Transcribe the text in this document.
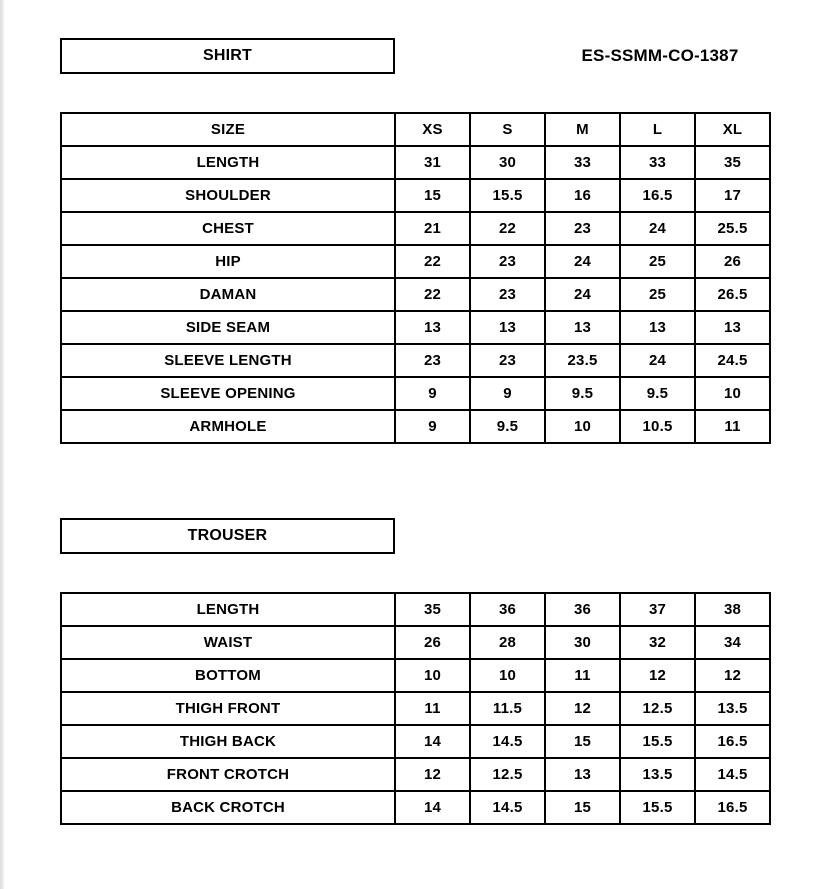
SHIRT	ES-SSMM-CO-1387
SIZE	XS	S	M	L	XL
LENGTH	31	30	33	33	35
SHOULDER	15	15.5	16	16.5	17
CHEST	21	22	23	24	25.5
HIP	22	23	24	25	26
DAMAN	22	23	24	25	26.5
SIDE SEAM	13	13	13	13	13
SLEEVE LENGTH	23	23	23.5	24	24.5
SLEEVE OPENING	9	9	9.5	9.5	10
ARMHOLE	9	9.5	10	10.5	11
TROUSER
LENGTH	35	36	36	37	38
WAIST	26	28	30	32	34
BOTTOM	10	10	11	12	12
THIGH FRONT	11	11.5	12	12.5	13.5
THIGH BACK	14	14.5	15	15.5	16.5
FRONT CROTCH	12	12.5	13	13.5	14.5
BACK CROTCH	14	14.5	15	15.5	16.5
